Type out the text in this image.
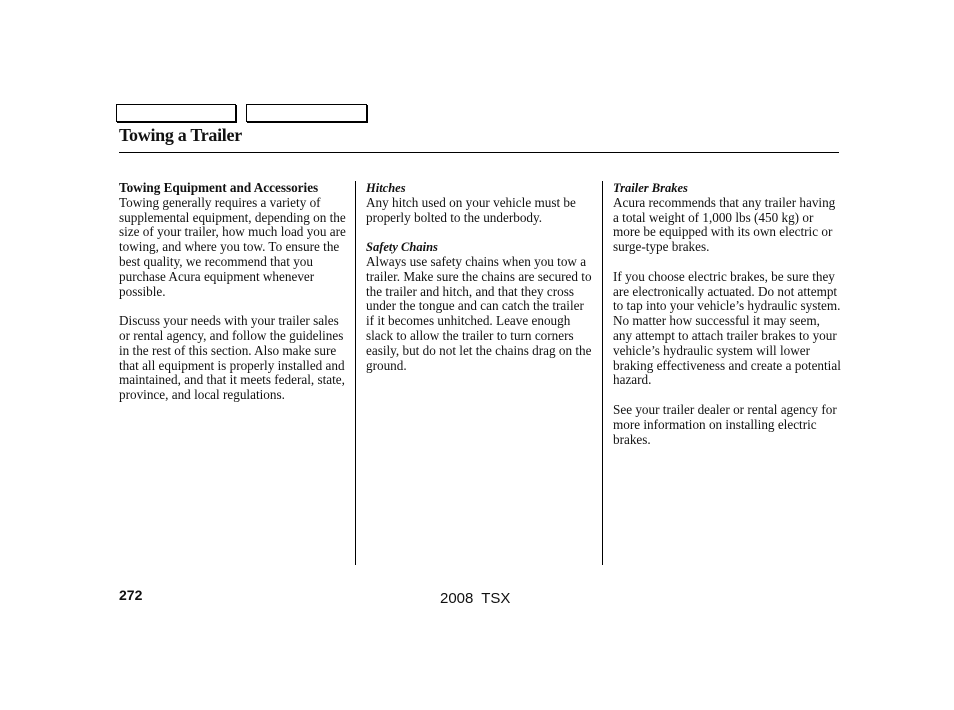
Towing a Trailer

Towing Equipment and Accessories

Towing generally requires a variety of supplemental equipment, depending on the size of your trailer, how much load you are towing, and where you tow. To ensure the best quality, we recommend that you purchase Acura equipment whenever possible.

Discuss your needs with your trailer sales or rental agency, and follow the guidelines in the rest of this section. Also make sure that all equipment is properly installed and maintained, and that it meets federal, state, province, and local regulations.

Hitches

Any hitch used on your vehicle must be properly bolted to the underbody.

Safety Chains

Always use safety chains when you tow a trailer. Make sure the chains are secured to the trailer and hitch, and that they cross under the tongue and can catch the trailer if it becomes unhitched. Leave enough slack to allow the trailer to turn corners easily, but do not let the chains drag on the ground.

Trailer Brakes

Acura recommends that any trailer having a total weight of 1,000 lbs (450 kg) or more be equipped with its own electric or surge-type brakes.

If you choose electric brakes, be sure they are electronically actuated. Do not attempt to tap into your vehicle’s hydraulic system. No matter how successful it may seem, any attempt to attach trailer brakes to your vehicle’s hydraulic system will lower braking effectiveness and create a potential hazard.

See your trailer dealer or rental agency for more information on installing electric brakes.

272	2008 TSX
